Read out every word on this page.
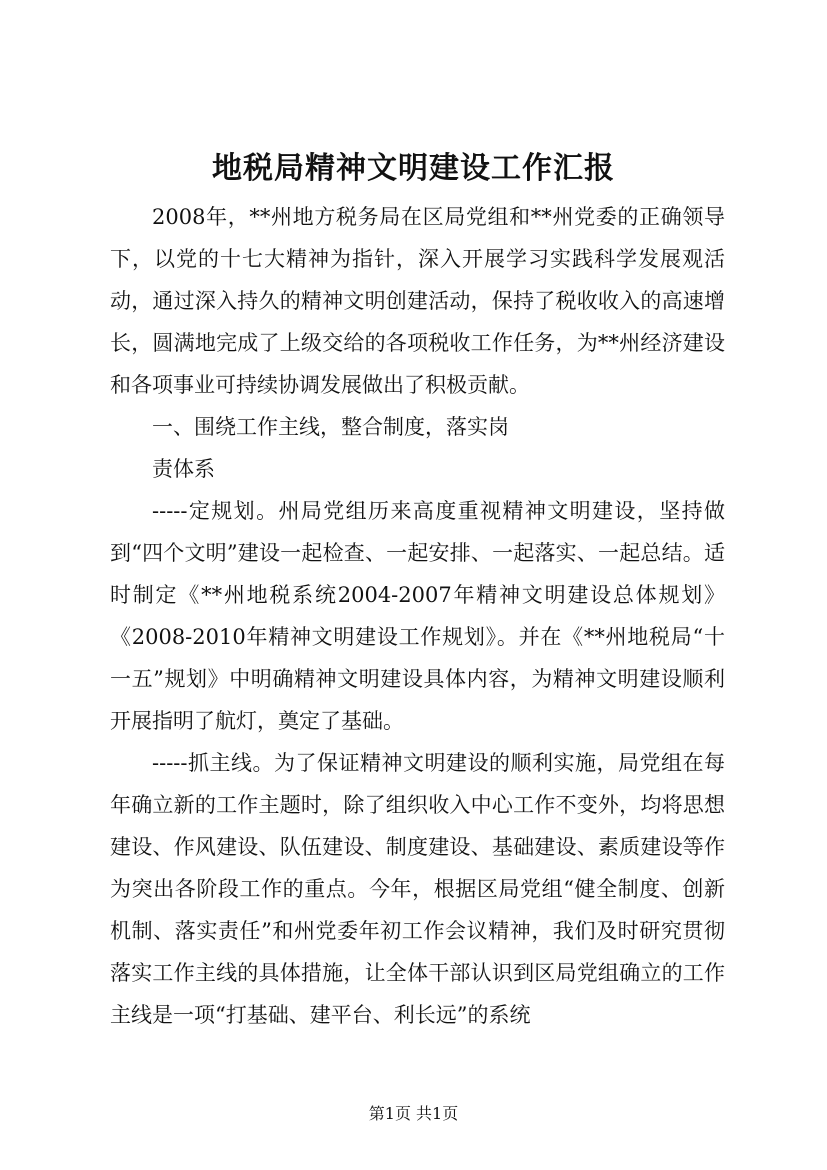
地税局精神文明建设工作汇报

2008年，**州地方税务局在区局党组和**州党委的正确领导下，以党的十七大精神为指针，深入开展学习实践科学发展观活动，通过深入持久的精神文明创建活动，保持了税收收入的高速增长，圆满地完成了上级交给的各项税收工作任务，为**州经济建设和各项事业可持续协调发展做出了积极贡献。

一、围绕工作主线，整合制度，落实岗

责体系

-----定规划。州局党组历来高度重视精神文明建设，坚持做到“四个文明”建设一起检查、一起安排、一起落实、一起总结。适时制定《**州地税系统2004-2007年精神文明建设总体规划》《2008-2010年精神文明建设工作规划》。并在《**州地税局“十一五”规划》中明确精神文明建设具体内容，为精神文明建设顺利开展指明了航灯，奠定了基础。

-----抓主线。为了保证精神文明建设的顺利实施，局党组在每年确立新的工作主题时，除了组织收入中心工作不变外，均将思想建设、作风建设、队伍建设、制度建设、基础建设、素质建设等作为突出各阶段工作的重点。今年，根据区局党组“健全制度、创新机制、落实责任”和州党委年初工作会议精神，我们及时研究贯彻落实工作主线的具体措施，让全体干部认识到区局党组确立的工作主线是一项“打基础、建平台、利长远”的系统

第1页 共1页
